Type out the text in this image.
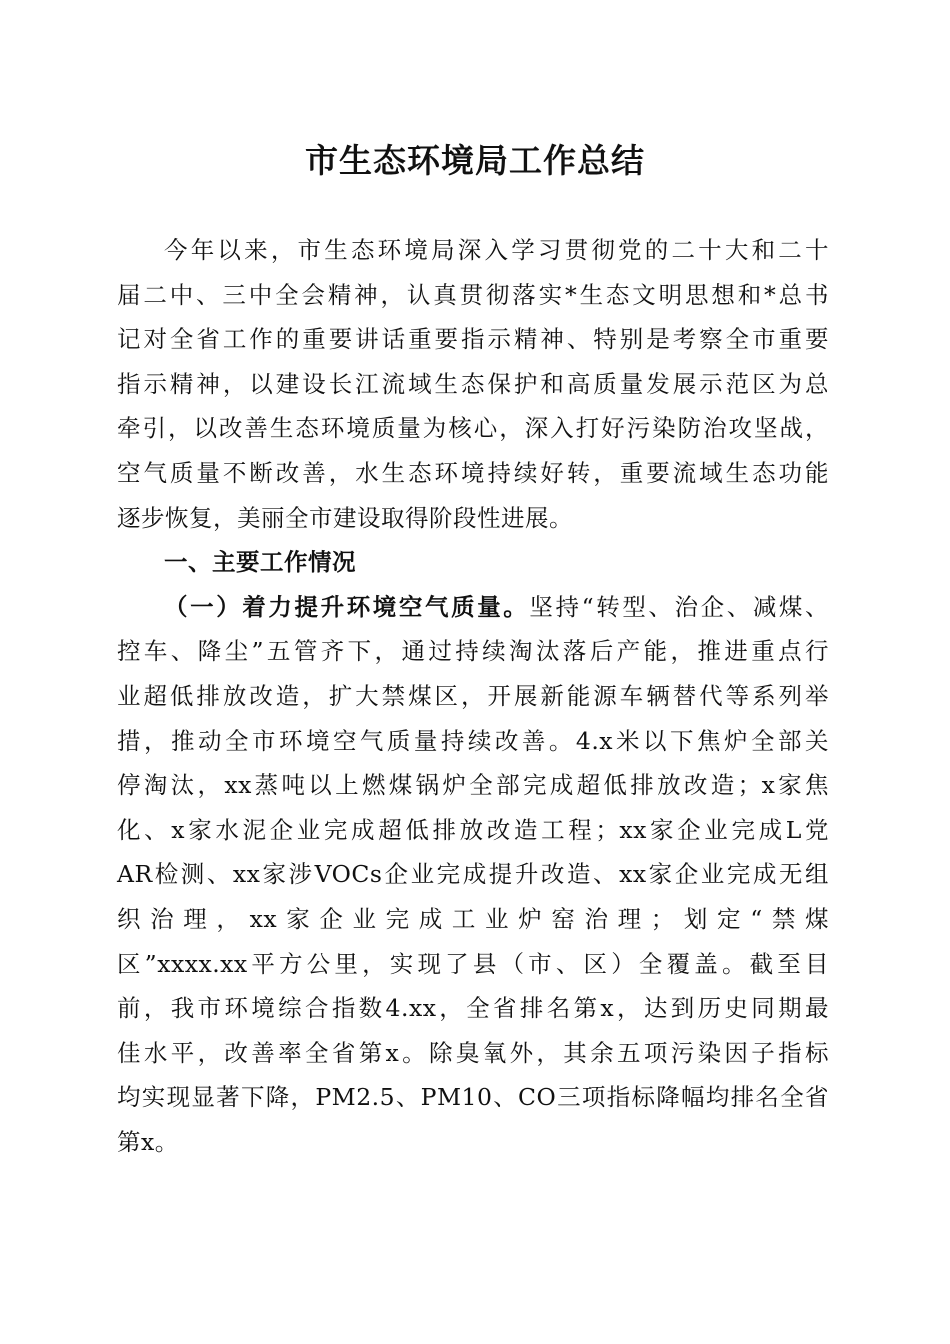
市生态环境局工作总结
今年以来，市生态环境局深入学习贯彻党的二十大和二十
届二中、三中全会精神，认真贯彻落实*生态文明思想和*总书
记对全省工作的重要讲话重要指示精神、特别是考察全市重要
指示精神，以建设长江流域生态保护和高质量发展示范区为总
牵引，以改善生态环境质量为核心，深入打好污染防治攻坚战，
空气质量不断改善，水生态环境持续好转，重要流域生态功能
逐步恢复，美丽全市建设取得阶段性进展。
一、主要工作情况
（一）着力提升环境空气质量。坚持“转型、治企、减煤、
控车、降尘”五管齐下，通过持续淘汰落后产能，推进重点行
业超低排放改造，扩大禁煤区，开展新能源车辆替代等系列举
措，推动全市环境空气质量持续改善。4.x米以下焦炉全部关
停淘汰，xx蒸吨以上燃煤锅炉全部完成超低排放改造；x家焦
化、x家水泥企业完成超低排放改造工程；xx家企业完成L党
AR检测、xx家涉VOCs企业完成提升改造、xx家企业完成无组
织治理，xx家企业完成工业炉窑治理；划定“禁煤
区”xxxx.xx平方公里，实现了县（市、区）全覆盖。截至目
前，我市环境综合指数4.xx，全省排名第x，达到历史同期最
佳水平，改善率全省第x。除臭氧外，其余五项污染因子指标
均实现显著下降，PM2.5、PM10、CO三项指标降幅均排名全省
第x。
